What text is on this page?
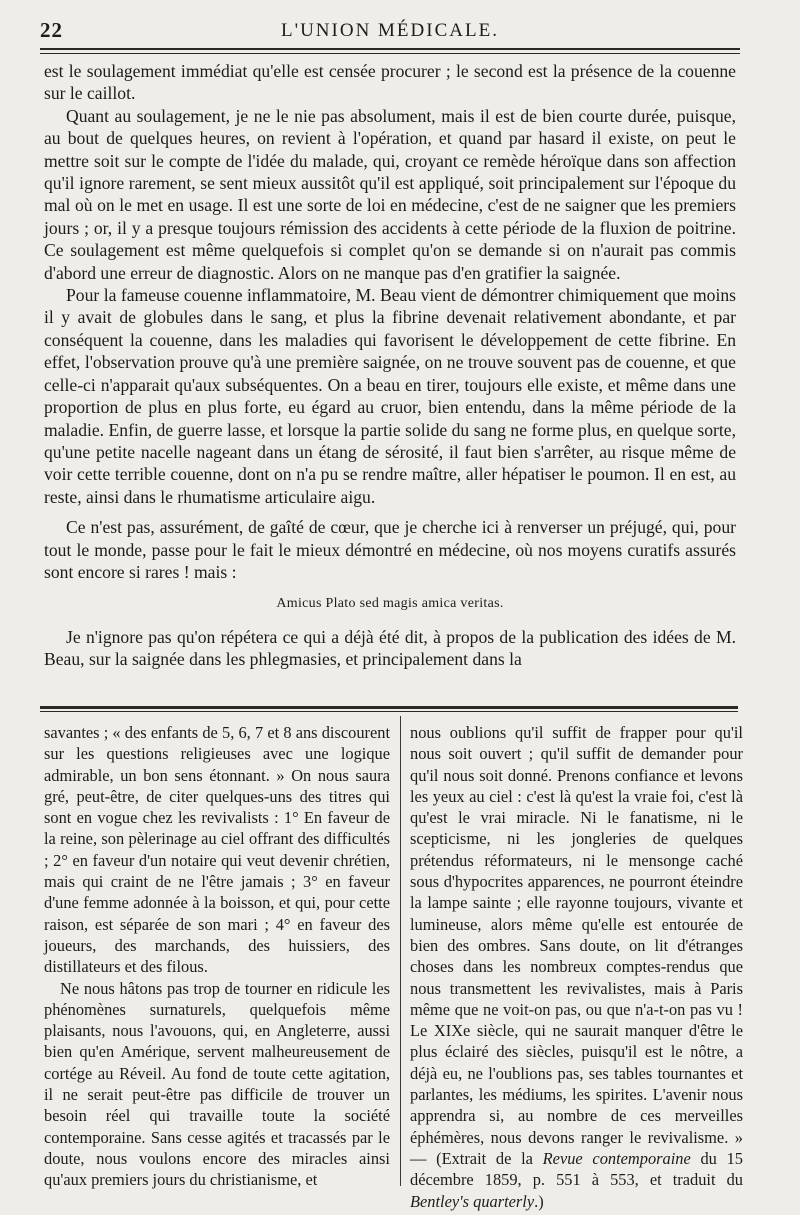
22	L'UNION MÉDICALE.

est le soulagement immédiat qu'elle est censée procurer ; le second est la présence de la couenne sur le caillot.

Quant au soulagement, je ne le nie pas absolument, mais il est de bien courte durée, puisque, au bout de quelques heures, on revient à l'opération, et quand par hasard il existe, on peut le mettre soit sur le compte de l'idée du malade, qui, croyant ce remède héroïque dans son affection qu'il ignore rarement, se sent mieux aussitôt qu'il est appliqué, soit principalement sur l'époque du mal où on le met en usage. Il est une sorte de loi en médecine, c'est de ne saigner que les premiers jours ; or, il y a presque toujours rémission des accidents à cette période de la fluxion de poitrine. Ce soulagement est même quelquefois si complet qu'on se demande si on n'aurait pas commis d'abord une erreur de diagnostic. Alors on ne manque pas d'en gratifier la saignée.

Pour la fameuse couenne inflammatoire, M. Beau vient de démontrer chimiquement que moins il y avait de globules dans le sang, et plus la fibrine devenait relativement abondante, et par conséquent la couenne, dans les maladies qui favorisent le développement de cette fibrine. En effet, l'observation prouve qu'à une première saignée, on ne trouve souvent pas de couenne, et que celle-ci n'apparait qu'aux subséquentes. On a beau en tirer, toujours elle existe, et même dans une proportion de plus en plus forte, eu égard au cruor, bien entendu, dans la même période de la maladie. Enfin, de guerre lasse, et lorsque la partie solide du sang ne forme plus, en quelque sorte, qu'une petite nacelle nageant dans un étang de sérosité, il faut bien s'arrêter, au risque même de voir cette terrible couenne, dont on n'a pu se rendre maître, aller hépatiser le poumon. Il en est, au reste, ainsi dans le rhumatisme articulaire aigu.

Ce n'est pas, assurément, de gaîté de cœur, que je cherche ici à renverser un préjugé, qui, pour tout le monde, passe pour le fait le mieux démontré en médecine, où nos moyens curatifs assurés sont encore si rares ! mais :

Amicus Plato sed magis amica veritas.

Je n'ignore pas qu'on répétera ce qui a déjà été dit, à propos de la publication des idées de M. Beau, sur la saignée dans les phlegmasies, et principalement dans la

savantes ; « des enfants de 5, 6, 7 et 8 ans discourent sur les questions religieuses avec une logique admirable, un bon sens étonnant. » On nous saura gré, peut-être, de citer quelques-uns des titres qui sont en vogue chez les revivalists : 1° En faveur de la reine, son pèlerinage au ciel offrant des difficultés ; 2° en faveur d'un notaire qui veut devenir chrétien, mais qui craint de ne l'être jamais ; 3° en faveur d'une femme adonnée à la boisson, et qui, pour cette raison, est séparée de son mari ; 4° en faveur des joueurs, des marchands, des huissiers, des distillateurs et des filous.

Ne nous hâtons pas trop de tourner en ridicule les phénomènes surnaturels, quelquefois même plaisants, nous l'avouons, qui, en Angleterre, aussi bien qu'en Amérique, servent malheureusement de cortége au Réveil. Au fond de toute cette agitation, il ne serait peut-être pas difficile de trouver un besoin réel qui travaille toute la société contemporaine. Sans cesse agités et tracassés par le doute, nous voulons encore des miracles ainsi qu'aux premiers jours du christianisme, et

nous oublions qu'il suffit de frapper pour qu'il nous soit ouvert ; qu'il suffit de demander pour qu'il nous soit donné. Prenons confiance et levons les yeux au ciel : c'est là qu'est la vraie foi, c'est là qu'est le vrai miracle. Ni le fanatisme, ni le scepticisme, ni les jongleries de quelques prétendus réformateurs, ni le mensonge caché sous d'hypocrites apparences, ne pourront éteindre la lampe sainte ; elle rayonne toujours, vivante et lumineuse, alors même qu'elle est entourée de bien des ombres. Sans doute, on lit d'étranges choses dans les nombreux comptes-rendus que nous transmettent les revivalistes, mais à Paris même que ne voit-on pas, ou que n'a-t-on pas vu ! Le XIXe siècle, qui ne saurait manquer d'être le plus éclairé des siècles, puisqu'il est le nôtre, a déjà eu, ne l'oublions pas, ses tables tournantes et parlantes, les médiums, les spirites. L'avenir nous apprendra si, au nombre de ces merveilles éphémères, nous devons ranger le revivalisme. » — (Extrait de la Revue contemporaine du 15 décembre 1859, p. 551 à 553, et traduit du Bentley's quarterly.)
